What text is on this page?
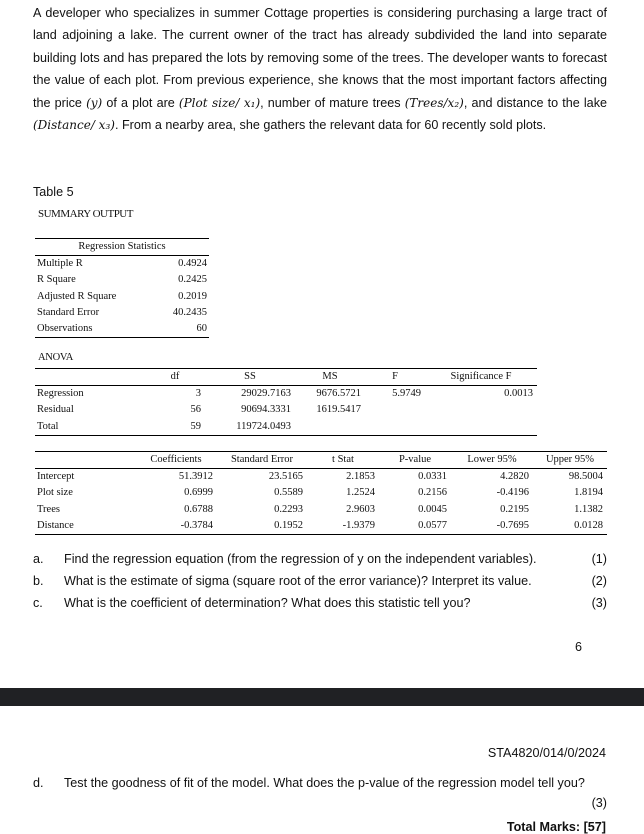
A developer who specializes in summer Cottage properties is considering purchasing a large tract of land adjoining a lake. The current owner of the tract has already subdivided the land into separate building lots and has prepared the lots by removing some of the trees. The developer wants to forecast the value of each plot. From previous experience, she knows that the most important factors affecting the price (y) of a plot are (Plot size/ x₁), number of mature trees (Trees/x₂), and distance to the lake (Distance/ x₃). From a nearby area, she gathers the relevant data for 60 recently sold plots.

Table 5

SUMMARY OUTPUT

Regression Statistics	
Multiple R	0.4924
R Square	0.2425
Adjusted R Square	0.2019
Standard Error	40.2435
Observations	60

ANOVA

	df	SS	MS	F	Significance F
Regression	3	29029.7163	9676.5721	5.9749	0.0013
Residual	56	90694.3331	1619.5417		
Total	59	119724.0493			
	Coefficients	Standard Error	t Stat	P-value	Lower 95%	Upper 95%
Intercept	51.3912	23.5165	2.1853	0.0331	4.2820	98.5004
Plot size	0.6999	0.5589	1.2524	0.2156	-0.4196	1.8194
Trees	0.6788	0.2293	2.9603	0.0045	0.2195	1.1382
Distance	-0.3784	0.1952	-1.9379	0.0577	-0.7695	0.0128
a. Find the regression equation (from the regression of y on the independent variables).	(1)
b. What is the estimate of sigma (square root of the error variance)? Interpret its value.	(2)
c. What is the coefficient of determination? What does this statistic tell you?	(3)
6
STA4820/014/0/2024
d. Test the goodness of fit of the model. What does the p-value of the regression model tell you?
(3)
Total Marks: [57]
